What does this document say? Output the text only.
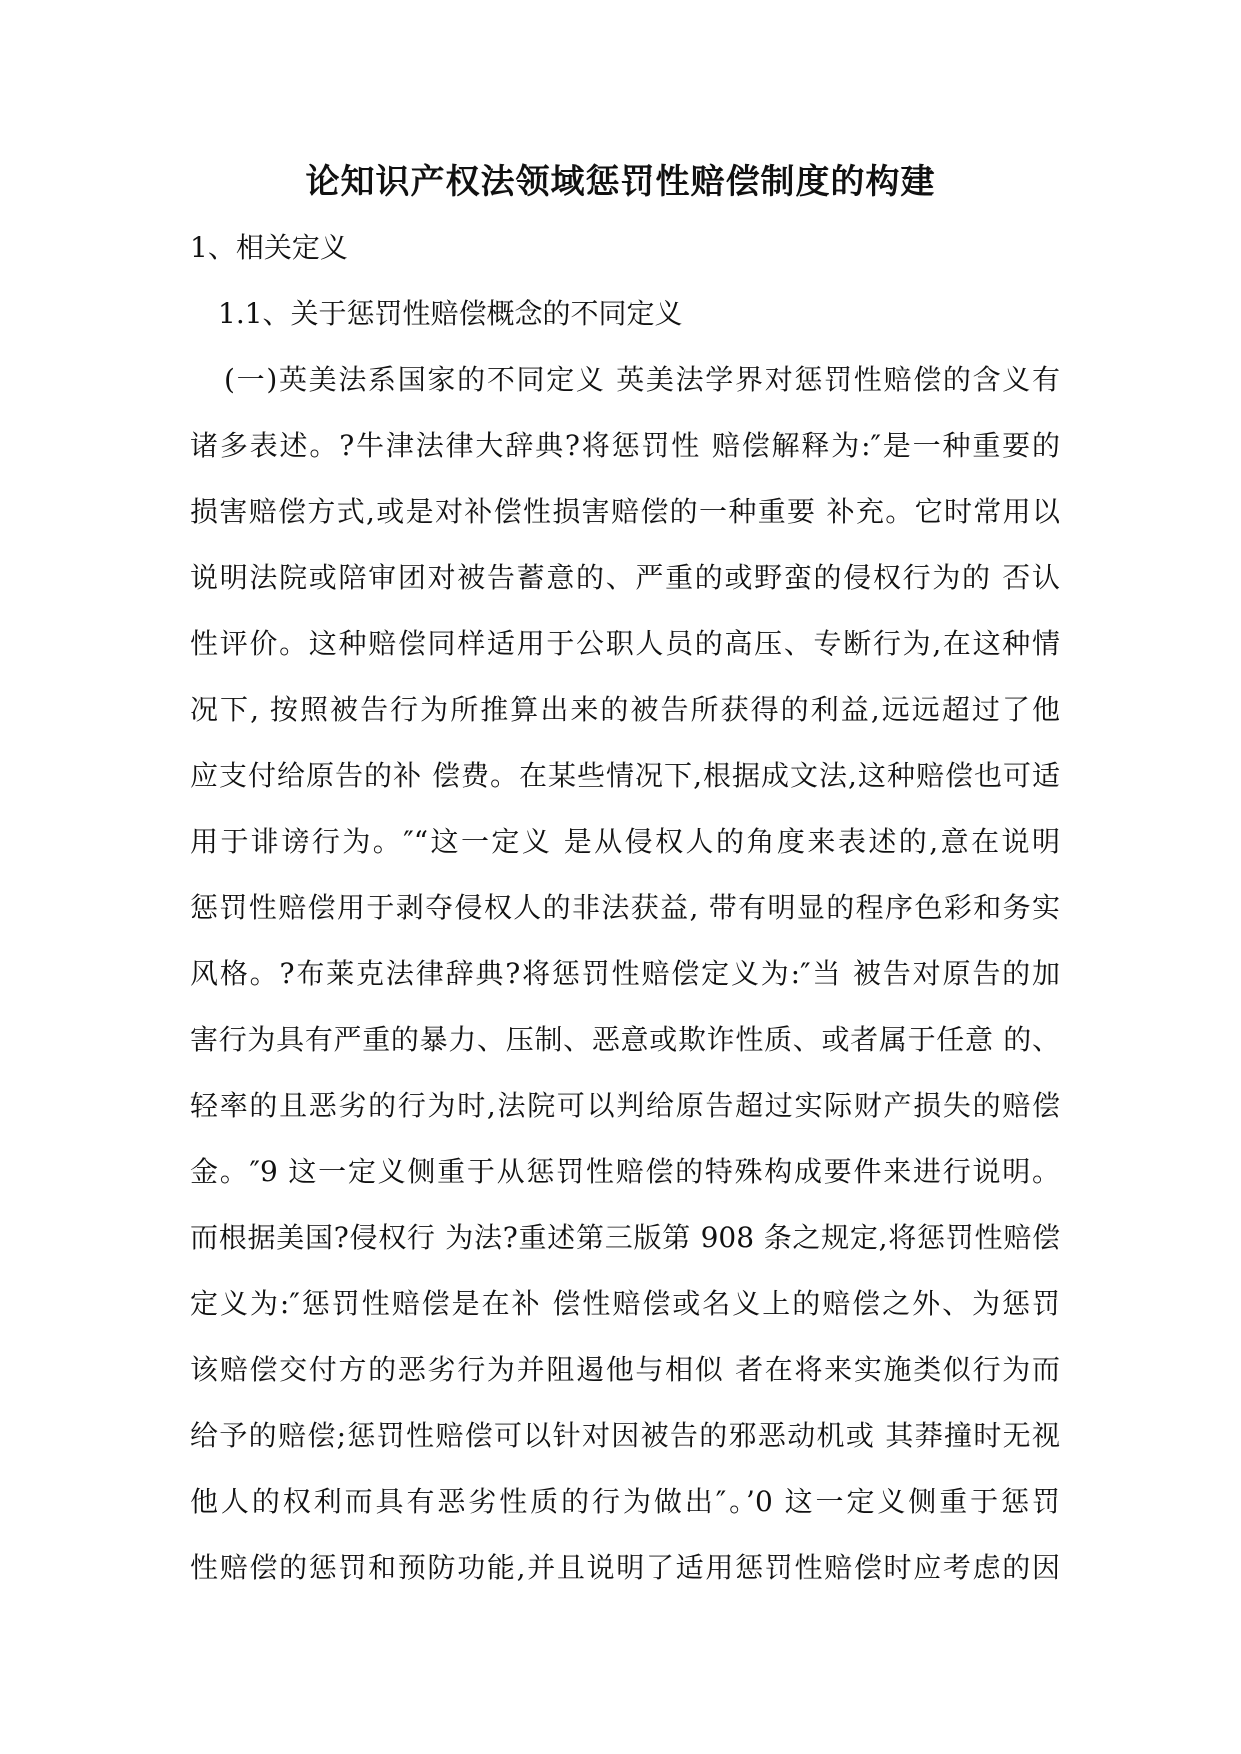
论知识产权法领域惩罚性赔偿制度的构建
1、相关定义
1.1、关于惩罚性赔偿概念的不同定义
(一)英美法系国家的不同定义 英美法学界对惩罚性赔偿的含义有
诸多表述。?牛津法律大辞典?将惩罚性 赔偿解释为:″是一种重要的
损害赔偿方式,或是对补偿性损害赔偿的一种重要 补充。它时常用以
说明法院或陪审团对被告蓄意的、严重的或野蛮的侵权行为的 否认
性评价。这种赔偿同样适用于公职人员的高压、专断行为,在这种情
况下, 按照被告行为所推算出来的被告所获得的利益,远远超过了他
应支付给原告的补 偿费。在某些情况下,根据成文法,这种赔偿也可适
用于诽谤行为。″“这一定义 是从侵权人的角度来表述的,意在说明
惩罚性赔偿用于剥夺侵权人的非法获益, 带有明显的程序色彩和务实
风格。?布莱克法律辞典?将惩罚性赔偿定义为:″当 被告对原告的加
害行为具有严重的暴力、压制、恶意或欺诈性质、或者属于任意 的、
轻率的且恶劣的行为时,法院可以判给原告超过实际财产损失的赔偿
金。″9 这一定义侧重于从惩罚性赔偿的特殊构成要件来进行说明。
而根据美国?侵权行 为法?重述第三版第 908 条之规定,将惩罚性赔偿
定义为:″惩罚性赔偿是在补 偿性赔偿或名义上的赔偿之外、为惩罚
该赔偿交付方的恶劣行为并阻遏他与相似 者在将来实施类似行为而
给予的赔偿;惩罚性赔偿可以针对因被告的邪恶动机或 其莽撞时无视
他人的权利而具有恶劣性质的行为做出″。’0 这一定义侧重于惩罚
性赔偿的惩罚和预防功能,并且说明了适用惩罚性赔偿时应考虑的因
